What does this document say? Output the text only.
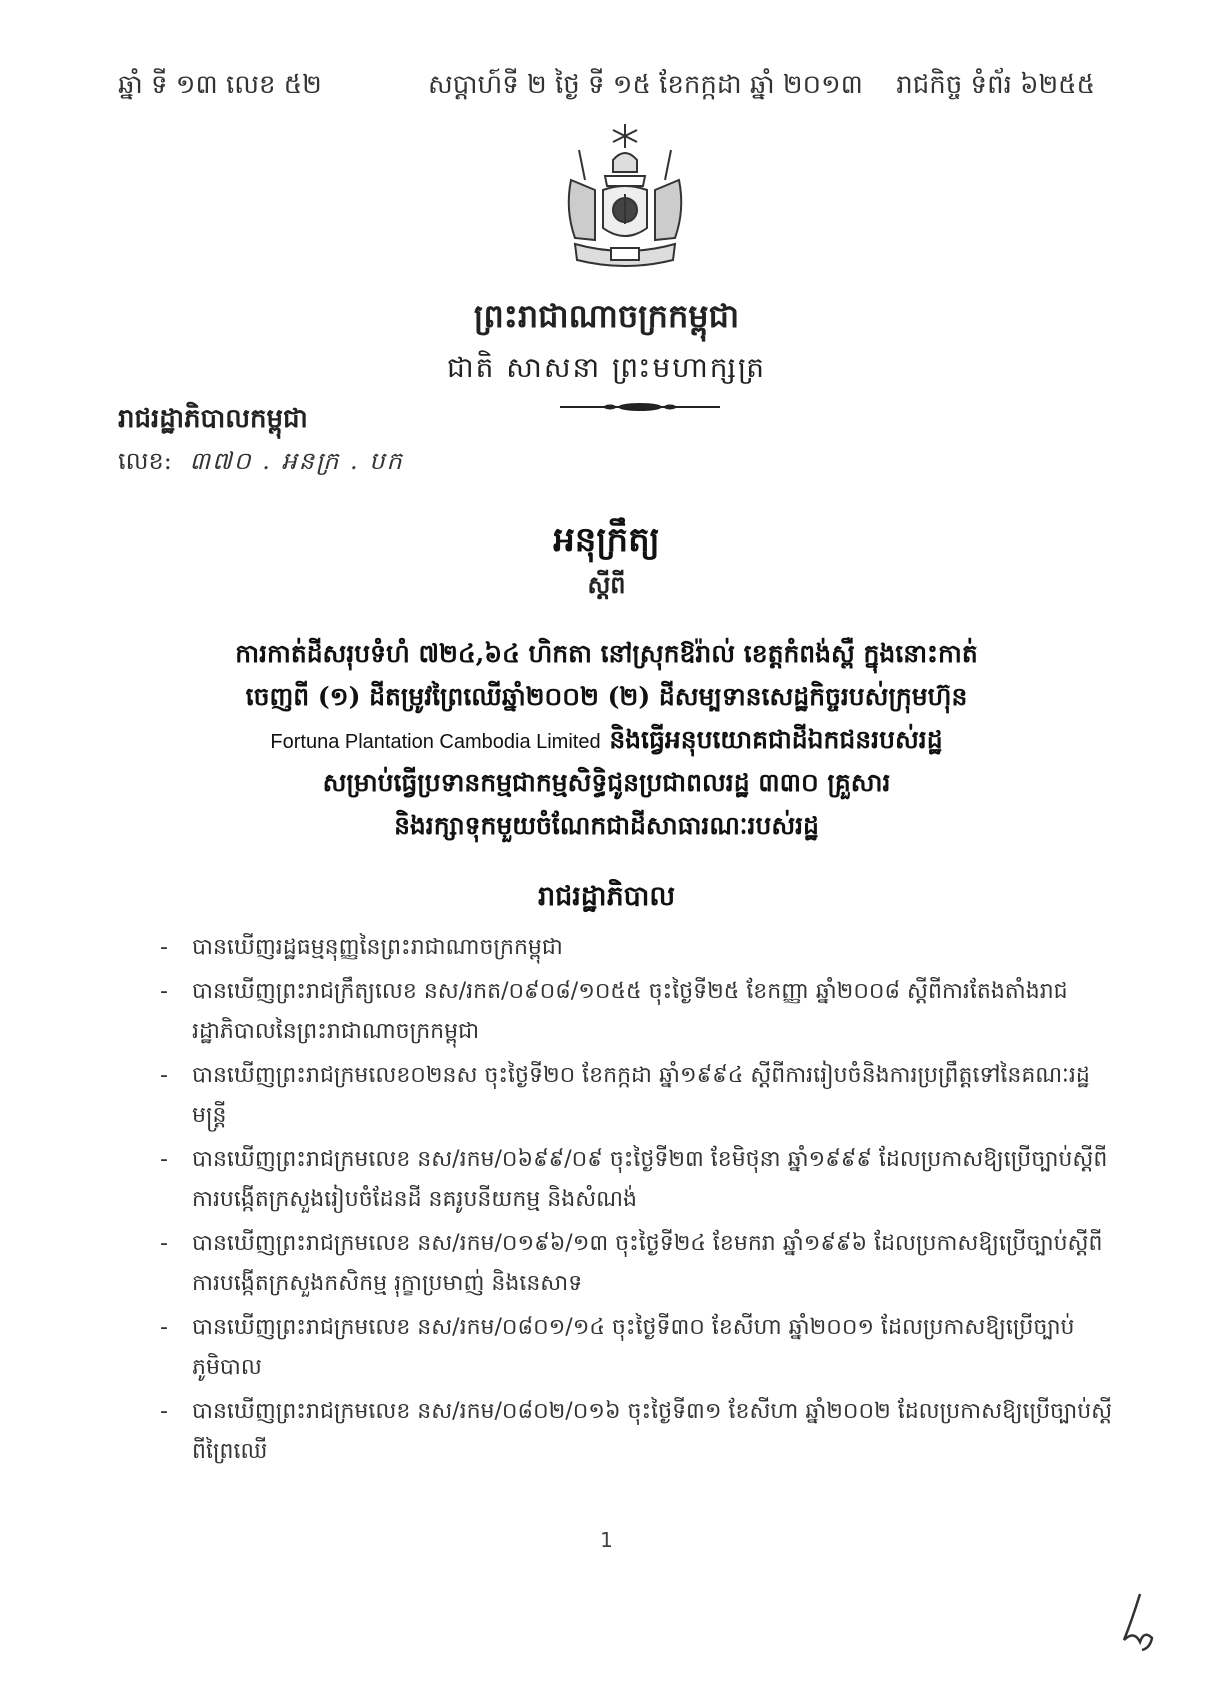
ឆ្នាំ ទី ១៣ លេខ ៥២	សប្ដាហ៍ទី ២ ថ្ងៃ ទី ១៥ ខែកក្កដា ឆ្នាំ ២០១៣ រាជកិច្ច ទំព័រ ៦២៥៥
ព្រះរាជាណាចក្រកម្ពុជា
ជាតិ សាសនា ព្រះមហាក្សត្រ
រាជរដ្ឋាភិបាលកម្ពុជា
លេខ: ៣៧០ . អនក្រ . បក
អនុក្រឹត្យ
ស្ដីពី
ការកាត់ដីសរុបទំហំ ៧២៤,៦៤ ហិកតា នៅស្រុកឱរ៉ាល់ ខេត្តកំពង់ស្ពឺ ក្នុងនោះកាត់
ចេញពី (១) ដីតម្រូវព្រៃឈើឆ្នាំ២០០២ (២) ដីសម្បទានសេដ្ឋកិច្ចរបស់ក្រុមហ៊ុន
Fortuna Plantation Cambodia Limited និងធ្វើអនុបយោគជាដីឯកជនរបស់រដ្ឋ
សម្រាប់ធ្វើប្រទានកម្មជាកម្មសិទ្ធិជូនប្រជាពលរដ្ឋ ៣៣០ គ្រួសារ
និងរក្សាទុកមួយចំណែកជាដីសាធារណៈរបស់រដ្ឋ
រាជរដ្ឋាភិបាល
- បានឃើញរដ្ឋធម្មនុញ្ញនៃព្រះរាជាណាចក្រកម្ពុជា
- បានឃើញព្រះរាជក្រឹត្យលេខ នស/រកត/០៩០៨/១០៥៥ ចុះថ្ងៃទី២៥ ខែកញ្ញា ឆ្នាំ២០០៨ ស្ដីពីការតែងតាំងរាជរដ្ឋាភិបាលនៃព្រះរាជាណាចក្រកម្ពុជា
- បានឃើញព្រះរាជក្រមលេខ០២នស ចុះថ្ងៃទី២០ ខែកក្កដា ឆ្នាំ១៩៩៤ ស្ដីពីការរៀបចំនិងការប្រព្រឹត្តទៅនៃគណៈរដ្ឋមន្ត្រី
- បានឃើញព្រះរាជក្រមលេខ នស/រកម/០៦៩៩/០៩ ចុះថ្ងៃទី២៣ ខែមិថុនា ឆ្នាំ១៩៩៩ ដែលប្រកាសឱ្យប្រើច្បាប់ស្ដីពីការបង្កើតក្រសួងរៀបចំដែនដី នគរូបនីយកម្ម និងសំណង់
- បានឃើញព្រះរាជក្រមលេខ នស/រកម/០១៩៦/១៣ ចុះថ្ងៃទី២៤ ខែមករា ឆ្នាំ១៩៩៦ ដែលប្រកាសឱ្យប្រើច្បាប់ស្ដីពីការបង្កើតក្រសួងកសិកម្ម រុក្ខាប្រមាញ់ និងនេសាទ
- បានឃើញព្រះរាជក្រមលេខ នស/រកម/០៨០១/១៤ ចុះថ្ងៃទី៣០ ខែសីហា ឆ្នាំ២០០១ ដែលប្រកាសឱ្យប្រើច្បាប់ភូមិបាល
- បានឃើញព្រះរាជក្រមលេខ នស/រកម/០៨០២/០១៦ ចុះថ្ងៃទី៣១ ខែសីហា ឆ្នាំ២០០២ ដែលប្រកាសឱ្យប្រើច្បាប់ស្ដីពីព្រៃឈើ
1
